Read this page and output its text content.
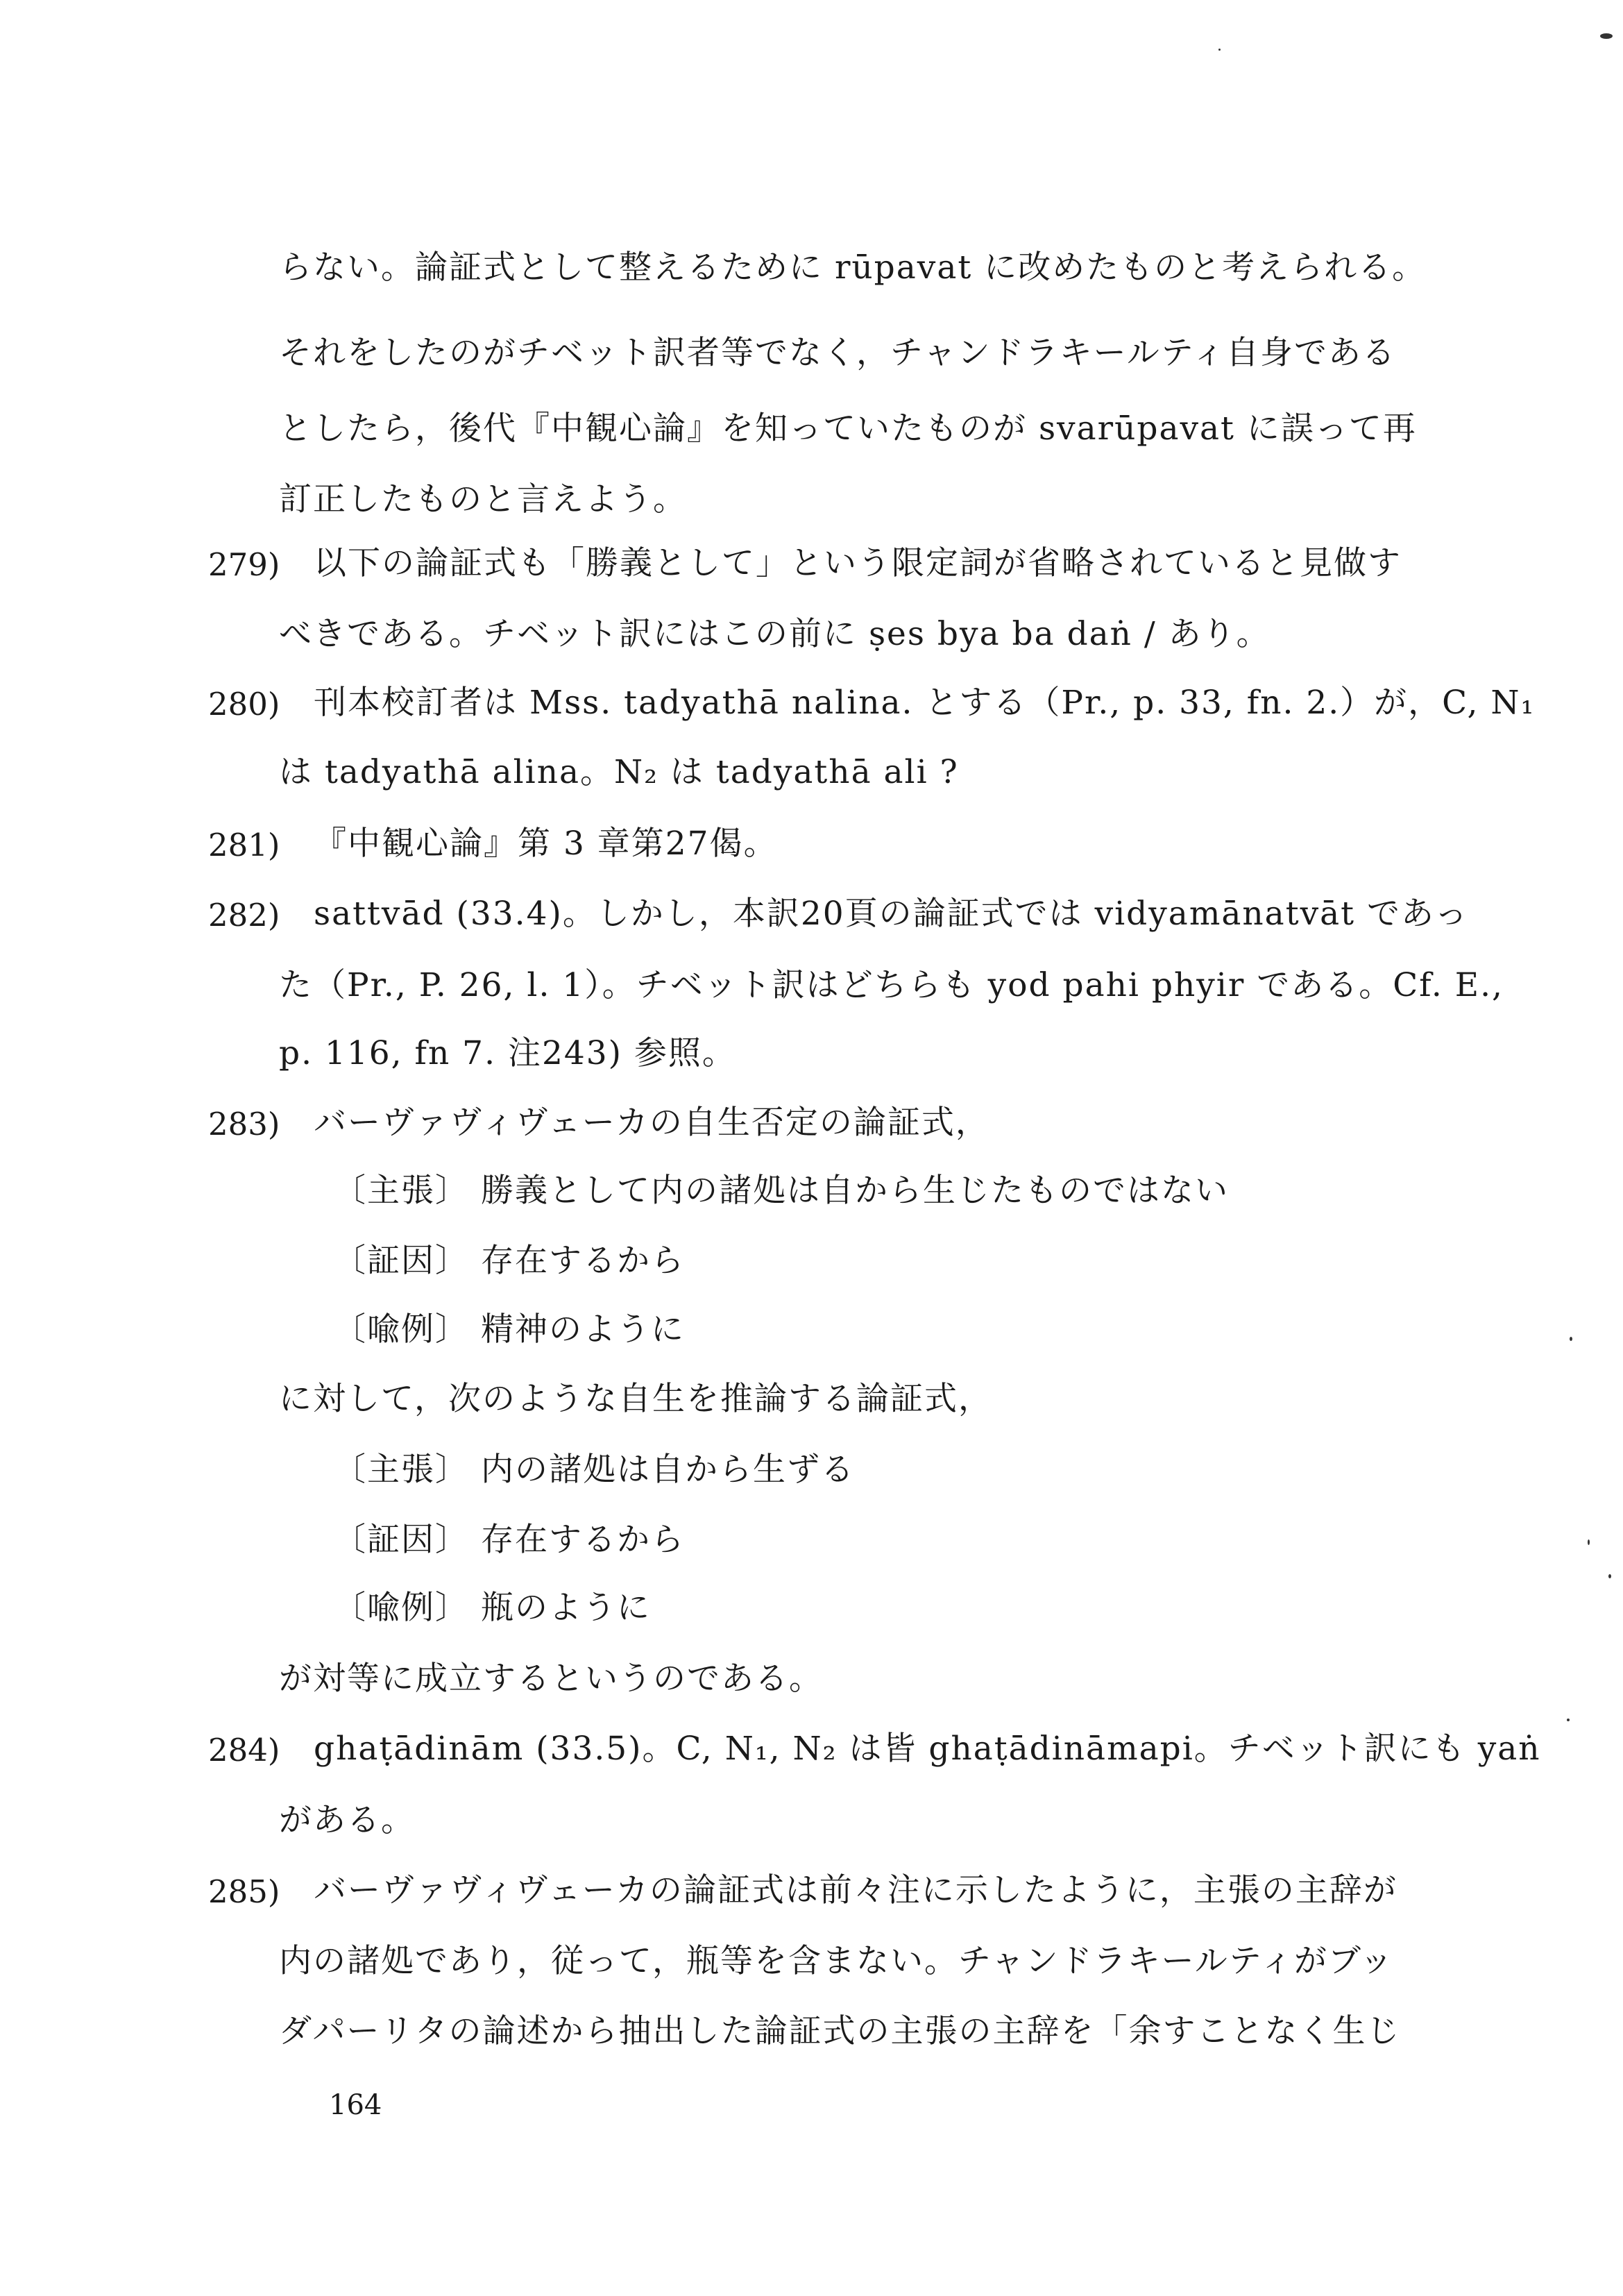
らない。論証式として整えるために rūpavat に改めたものと考えられる。
それをしたのがチベット訳者等でなく，チャンドラキールティ自身である
としたら，後代『中観心論』を知っていたものが svarūpavat に誤って再
訂正したものと言えよう。
279) 以下の論証式も「勝義として」という限定詞が省略されていると見做す
べきである。チベット訳にはこの前に ṣes bya ba daṅ / あり。
280) 刊本校訂者は Mss. tadyathā nalina. とする（Pr., p. 33, fn. 2.）が，C, N₁
は tadyathā alina。N₂ は tadyathā ali ?
281) 『中観心論』第 3 章第27偈。
282) sattvād (33.4)。しかし，本訳20頁の論証式では vidyamānatvāt であっ
た（Pr., P. 26, l. 1）。チベット訳はどちらも yod pahi phyir である。Cf. E.,
p. 116, fn 7. 注243) 参照。
283) バーヴァヴィヴェーカの自生否定の論証式，
〔主張〕 勝義として内の諸処は自から生じたものではない
〔証因〕 存在するから
〔喩例〕 精神のように
に対して，次のような自生を推論する論証式，
〔主張〕 内の諸処は自から生ずる
〔証因〕 存在するから
〔喩例〕 瓶のように
が対等に成立するというのである。
284) ghaṭādinām (33.5)。C, N₁, N₂ は皆 ghaṭādināmapi。チベット訳にも yaṅ
がある。
285) バーヴァヴィヴェーカの論証式は前々注に示したように，主張の主辞が
内の諸処であり，従って，瓶等を含まない。チャンドラキールティがブッ
ダパーリタの論述から抽出した論証式の主張の主辞を「余すことなく生じ
164
